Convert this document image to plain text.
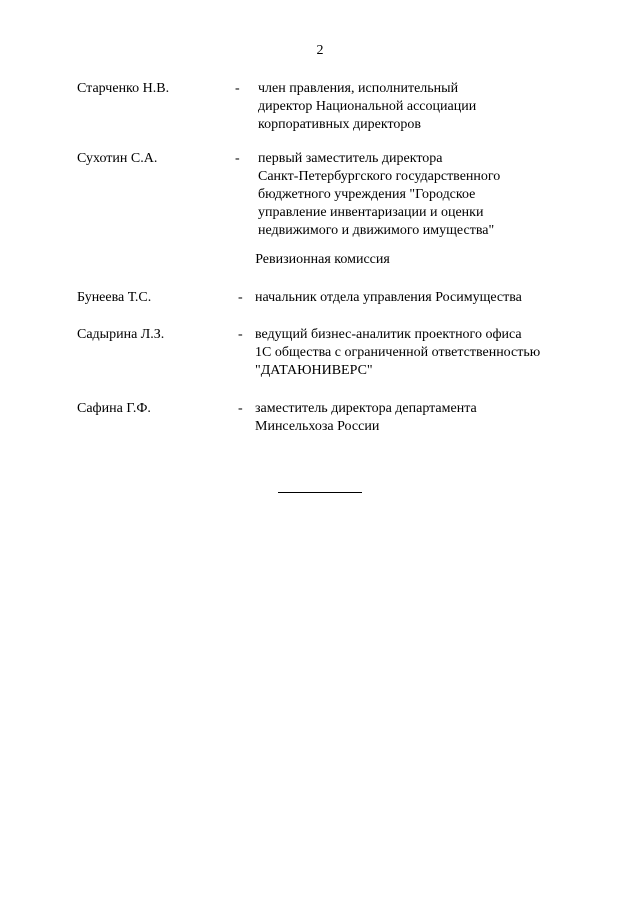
2
Старченко Н.В.	- член правления, исполнительный
директор Национальной ассоциации
корпоративных директоров
Сухотин С.А.	- первый заместитель директора
Санкт-Петербургского государственного
бюджетного учреждения "Городское
управление инвентаризации и оценки
недвижимого и движимого имущества"
Ревизионная комиссия
Бунеева Т.С.	- начальник отдела управления Росимущества
Садырина Л.З.	- ведущий бизнес-аналитик проектного офиса
1С общества с ограниченной ответственностью
"ДАТАЮНИВЕРС"
Сафина Г.Ф.	- заместитель директора департамента
Минсельхоза России
